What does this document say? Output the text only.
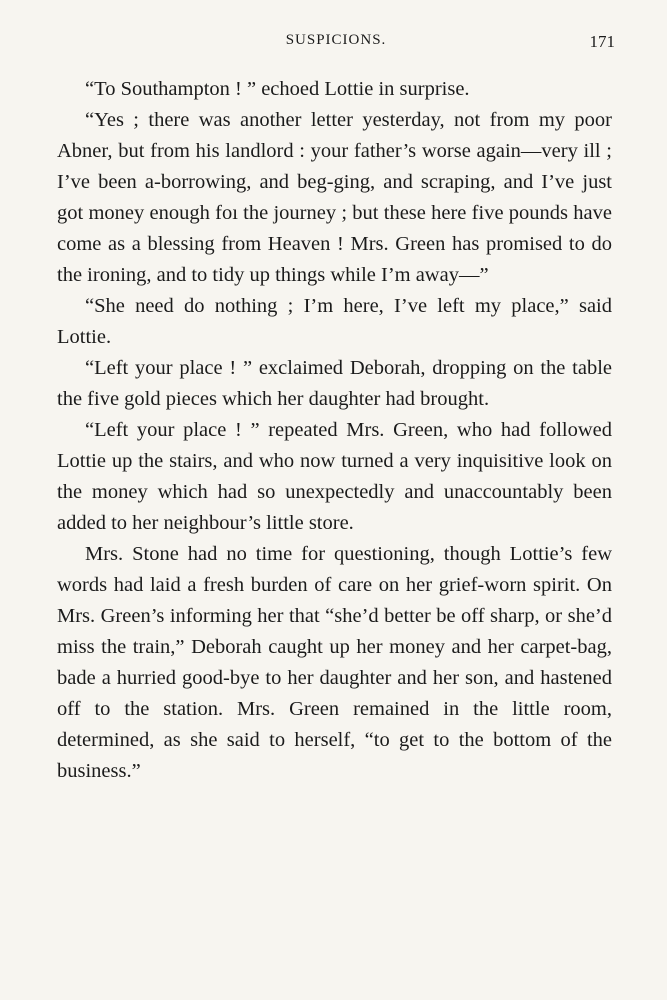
SUSPICIONS.	171

“To Southampton ! ” echoed Lottie in surprise.

“Yes ; there was another letter yesterday, not from my poor Abner, but from his landlord : your father’s worse again—very ill ; I’ve been a-borrowing, and beg-ging, and scraping, and I’ve just got money enough foı the journey ; but these here five pounds have come as a blessing from Heaven ! Mrs. Green has promised to do the ironing, and to tidy up things while I’m away—”

“She need do nothing ; I’m here, I’ve left my place,” said Lottie.

“Left your place ! ” exclaimed Deborah, dropping on the table the five gold pieces which her daughter had brought.

“Left your place ! ” repeated Mrs. Green, who had followed Lottie up the stairs, and who now turned a very inquisitive look on the money which had so unexpectedly and unaccountably been added to her neighbour’s little store.

Mrs. Stone had no time for questioning, though Lottie’s few words had laid a fresh burden of care on her grief-worn spirit. On Mrs. Green’s informing her that “she’d better be off sharp, or she’d miss the train,” Deborah caught up her money and her carpet-bag, bade a hurried good-bye to her daughter and her son, and hastened off to the station. Mrs. Green remained in the little room, determined, as she said to herself, “to get to the bottom of the business.”
